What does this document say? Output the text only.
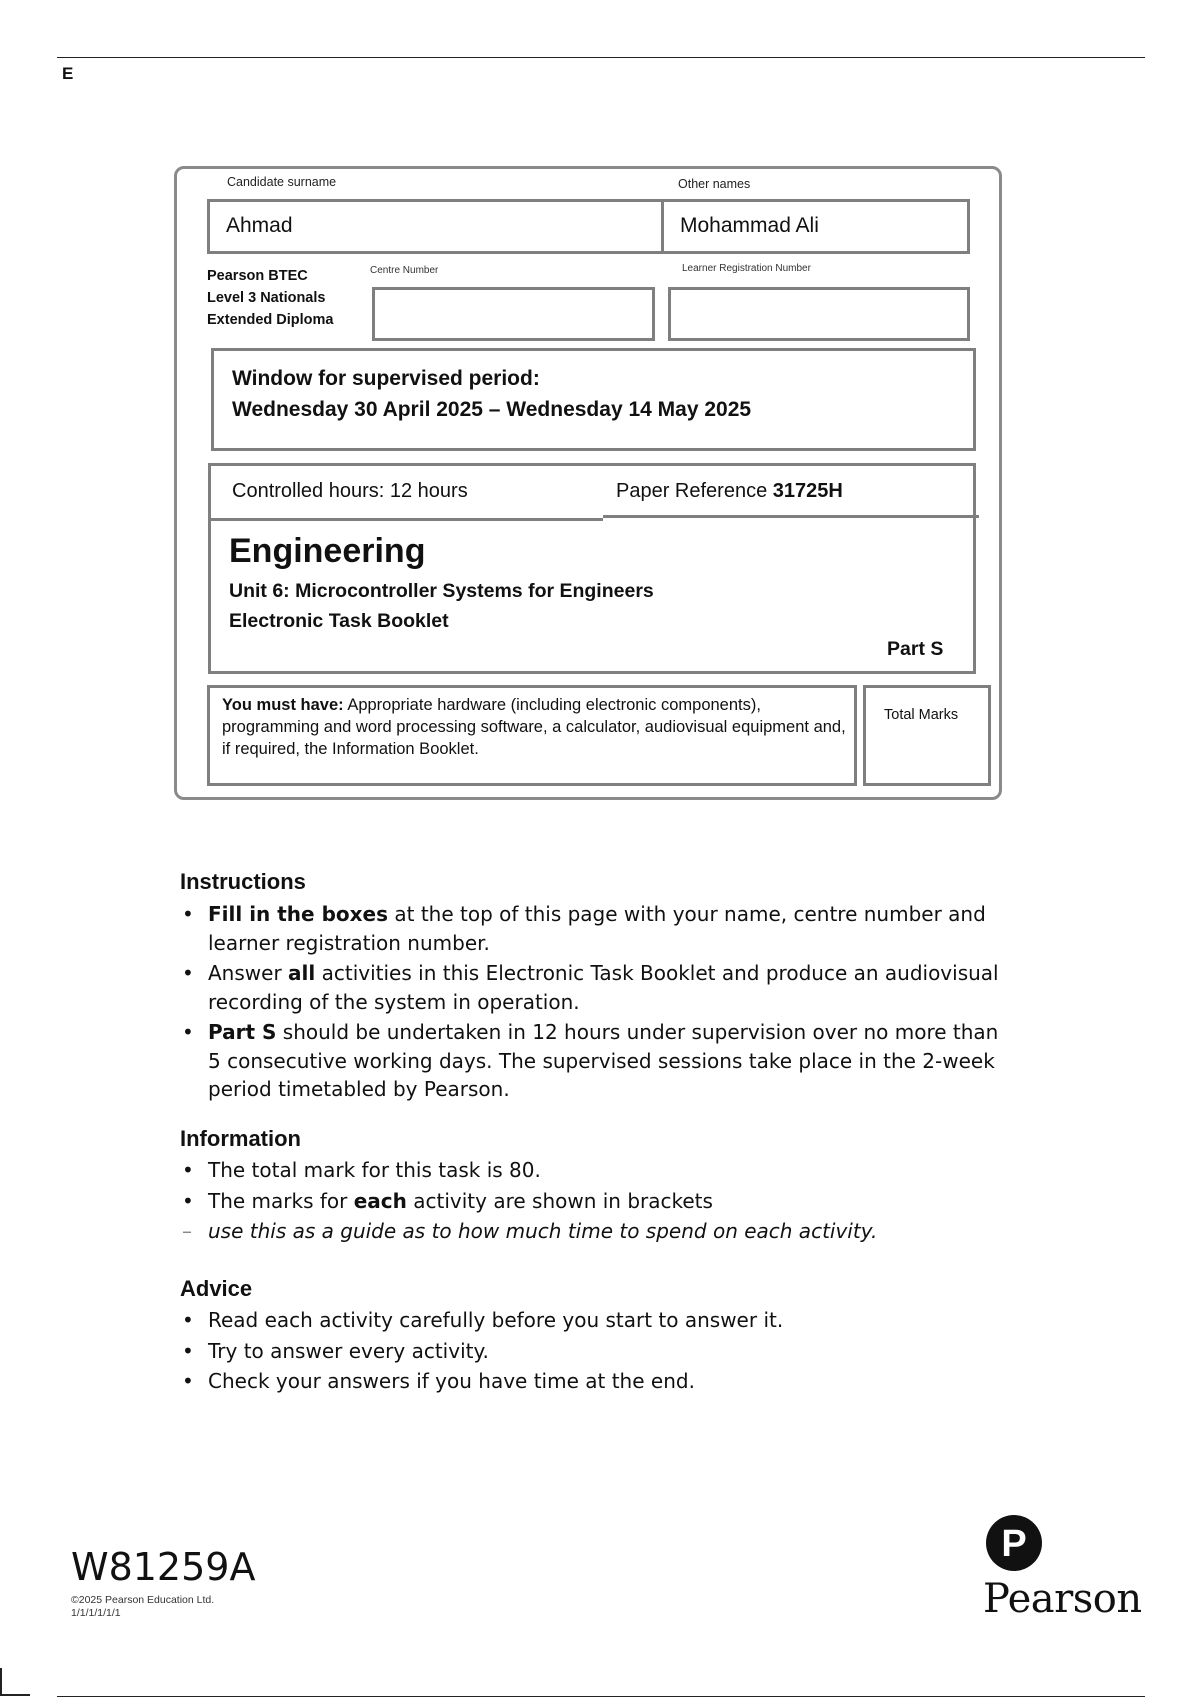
E
Candidate surname	Other names
Ahmad	Mohammad Ali
Pearson BTEC
Level 3 Nationals
Extended Diploma
Centre Number	Learner Registration Number
Window for supervised period:
Wednesday 30 April 2025 – Wednesday 14 May 2025
Controlled hours: 12 hours	Paper Reference 31725H
Engineering
Unit 6: Microcontroller Systems for Engineers
Electronic Task Booklet
Part S
You must have: Appropriate hardware (including electronic components), programming and word processing software, a calculator, audiovisual equipment and, if required, the Information Booklet.
Total Marks
Instructions
• Fill in the boxes at the top of this page with your name, centre number and learner registration number.
• Answer all activities in this Electronic Task Booklet and produce an audiovisual recording of the system in operation.
• Part S should be undertaken in 12 hours under supervision over no more than 5 consecutive working days. The supervised sessions take place in the 2-week period timetabled by Pearson.
Information
• The total mark for this task is 80.
• The marks for each activity are shown in brackets
– use this as a guide as to how much time to spend on each activity.
Advice
• Read each activity carefully before you start to answer it.
• Try to answer every activity.
• Check your answers if you have time at the end.
W81259A
©2025 Pearson Education Ltd.
1/1/1/1/1/1
P
Pearson
